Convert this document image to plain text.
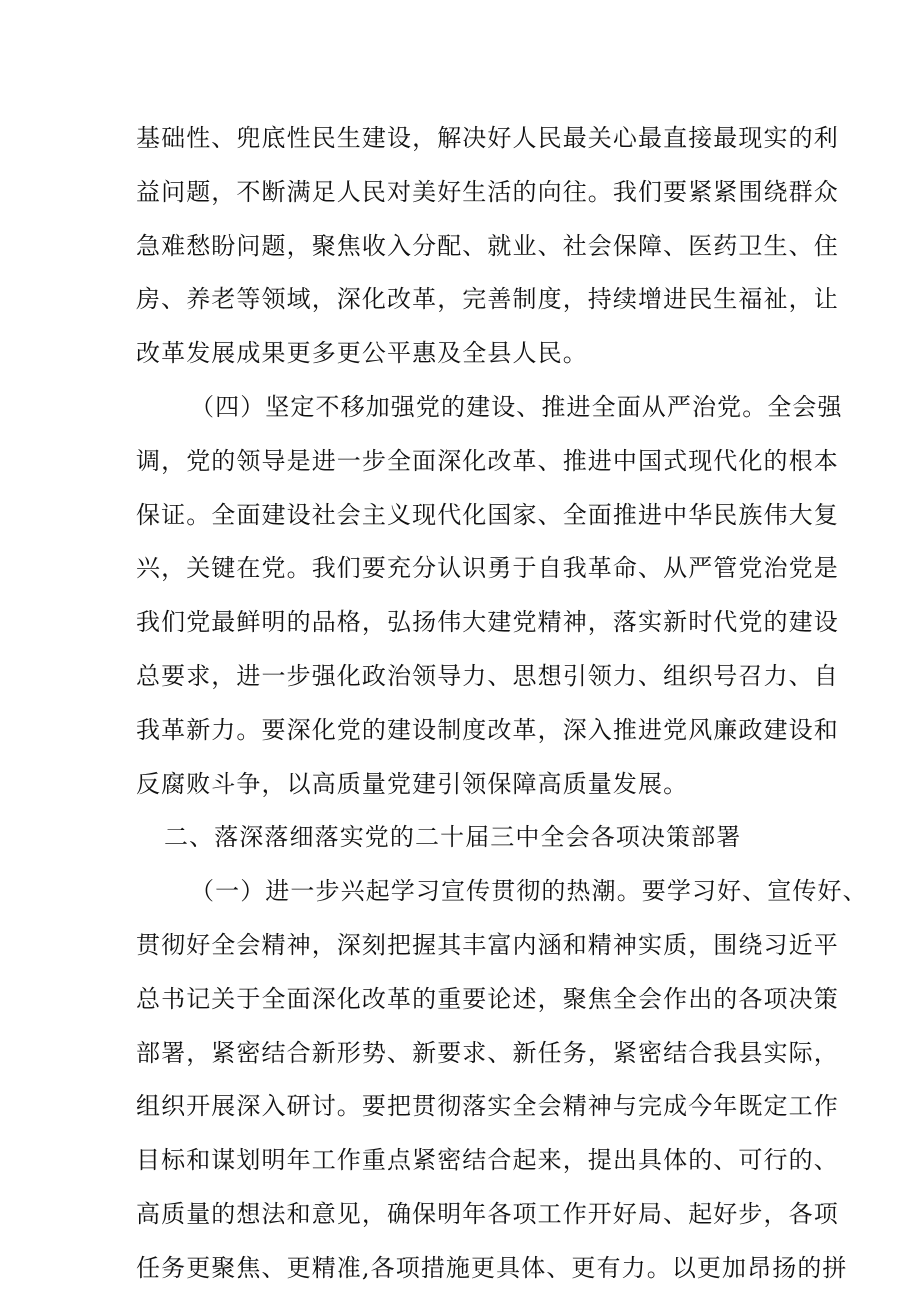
基础性、兜底性民生建设，解决好人民最关心最直接最现实的利
益问题，不断满足人民对美好生活的向往。我们要紧紧围绕群众
急难愁盼问题，聚焦收入分配、就业、社会保障、医药卫生、住
房、养老等领域，深化改革，完善制度，持续增进民生福祉，让
改革发展成果更多更公平惠及全县人民。
（四）坚定不移加强党的建设、推进全面从严治党。全会强
调，党的领导是进一步全面深化改革、推进中国式现代化的根本
保证。全面建设社会主义现代化国家、全面推进中华民族伟大复
兴，关键在党。我们要充分认识勇于自我革命、从严管党治党是
我们党最鲜明的品格，弘扬伟大建党精神，落实新时代党的建设
总要求，进一步强化政治领导力、思想引领力、组织号召力、自
我革新力。要深化党的建设制度改革，深入推进党风廉政建设和
反腐败斗争，以高质量党建引领保障高质量发展。
二、落深落细落实党的二十届三中全会各项决策部署
（一）进一步兴起学习宣传贯彻的热潮。要学习好、宣传好、
贯彻好全会精神，深刻把握其丰富内涵和精神实质，围绕习近平
总书记关于全面深化改革的重要论述，聚焦全会作出的各项决策
部署，紧密结合新形势、新要求、新任务，紧密结合我县实际，
组织开展深入研讨。要把贯彻落实全会精神与完成今年既定工作
目标和谋划明年工作重点紧密结合起来，提出具体的、可行的、
高质量的想法和意见，确保明年各项工作开好局、起好步，各项
任务更聚焦、更精准,各项措施更具体、更有力。以更加昂扬的拼
